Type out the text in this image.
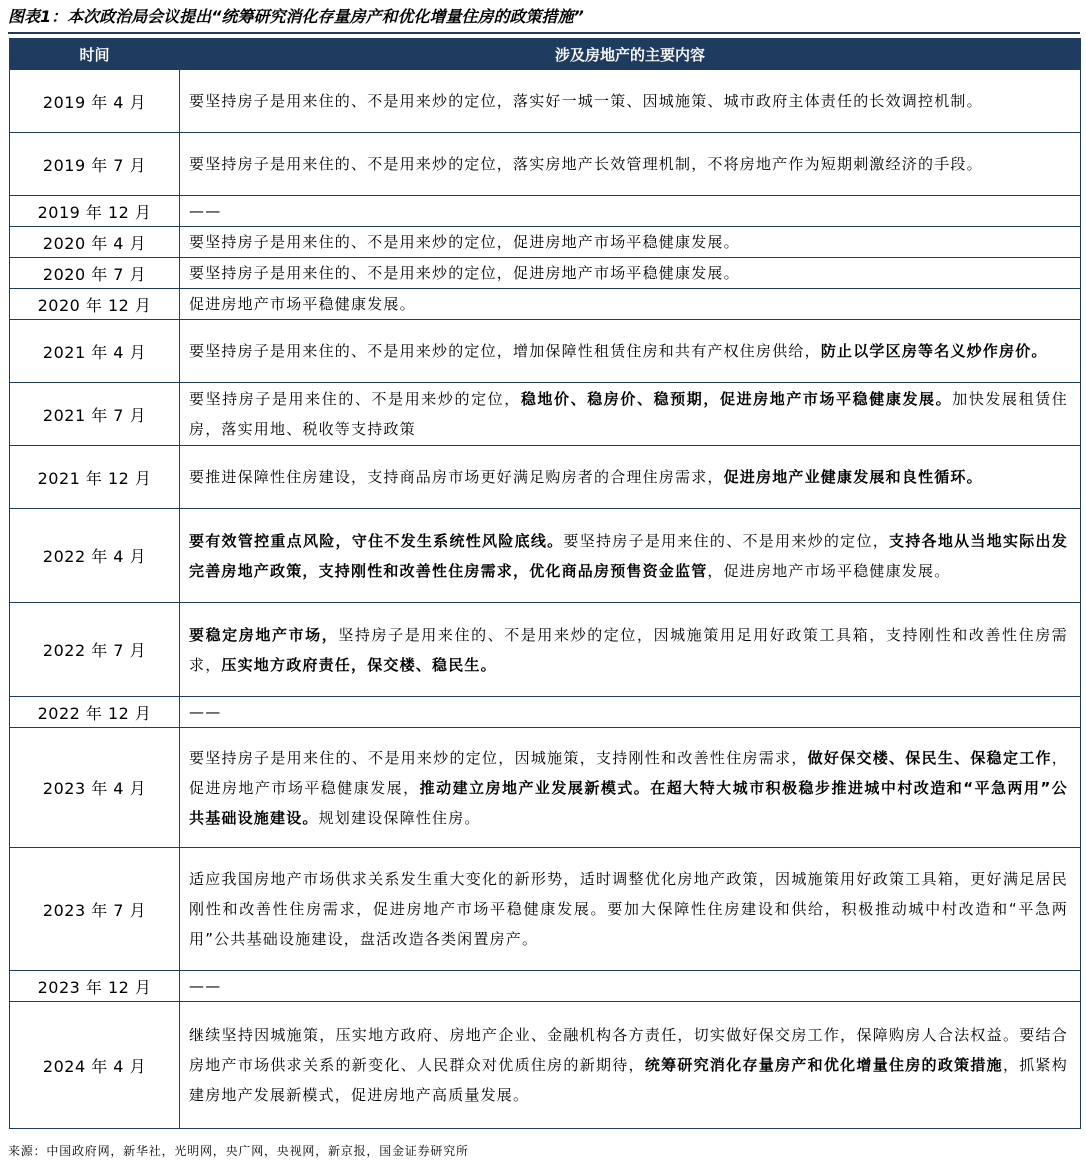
图表1：本次政治局会议提出“统筹研究消化存量房产和优化增量住房的政策措施”
时间	涉及房地产的主要内容
2019 年 4 月	要坚持房子是用来住的、不是用来炒的定位，落实好一城一策、因城施策、城市政府主体责任的长效调控机制。
2019 年 7 月	要坚持房子是用来住的、不是用来炒的定位，落实房地产长效管理机制，不将房地产作为短期刺激经济的手段。
2019 年 12 月	——
2020 年 4 月	要坚持房子是用来住的、不是用来炒的定位，促进房地产市场平稳健康发展。
2020 年 7 月	要坚持房子是用来住的、不是用来炒的定位，促进房地产市场平稳健康发展。
2020 年 12 月	促进房地产市场平稳健康发展。
2021 年 4 月	要坚持房子是用来住的、不是用来炒的定位，增加保障性租赁住房和共有产权住房供给，防止以学区房等名义炒作房价。
2021 年 7 月	要坚持房子是用来住的、不是用来炒的定位，稳地价、稳房价、稳预期，促进房地产市场平稳健康发展。加快发展租赁住房，落实用地、税收等支持政策
2021 年 12 月	要推进保障性住房建设，支持商品房市场更好满足购房者的合理住房需求，促进房地产业健康发展和良性循环。
2022 年 4 月	要有效管控重点风险，守住不发生系统性风险底线。要坚持房子是用来住的、不是用来炒的定位，支持各地从当地实际出发完善房地产政策，支持刚性和改善性住房需求，优化商品房预售资金监管，促进房地产市场平稳健康发展。
2022 年 7 月	要稳定房地产市场，坚持房子是用来住的、不是用来炒的定位，因城施策用足用好政策工具箱，支持刚性和改善性住房需求，压实地方政府责任，保交楼、稳民生。
2022 年 12 月	——
2023 年 4 月	要坚持房子是用来住的、不是用来炒的定位，因城施策，支持刚性和改善性住房需求，做好保交楼、保民生、保稳定工作，促进房地产市场平稳健康发展，推动建立房地产业发展新模式。在超大特大城市积极稳步推进城中村改造和“平急两用”公共基础设施建设。规划建设保障性住房。
2023 年 7 月	适应我国房地产市场供求关系发生重大变化的新形势，适时调整优化房地产政策，因城施策用好政策工具箱，更好满足居民刚性和改善性住房需求，促进房地产市场平稳健康发展。要加大保障性住房建设和供给，积极推动城中村改造和“平急两用”公共基础设施建设，盘活改造各类闲置房产。
2023 年 12 月	——
2024 年 4 月	继续坚持因城施策，压实地方政府、房地产企业、金融机构各方责任，切实做好保交房工作，保障购房人合法权益。要结合房地产市场供求关系的新变化、人民群众对优质住房的新期待，统筹研究消化存量房产和优化增量住房的政策措施，抓紧构建房地产发展新模式，促进房地产高质量发展。
来源：中国政府网，新华社，光明网，央广网，央视网，新京报，国金证券研究所
